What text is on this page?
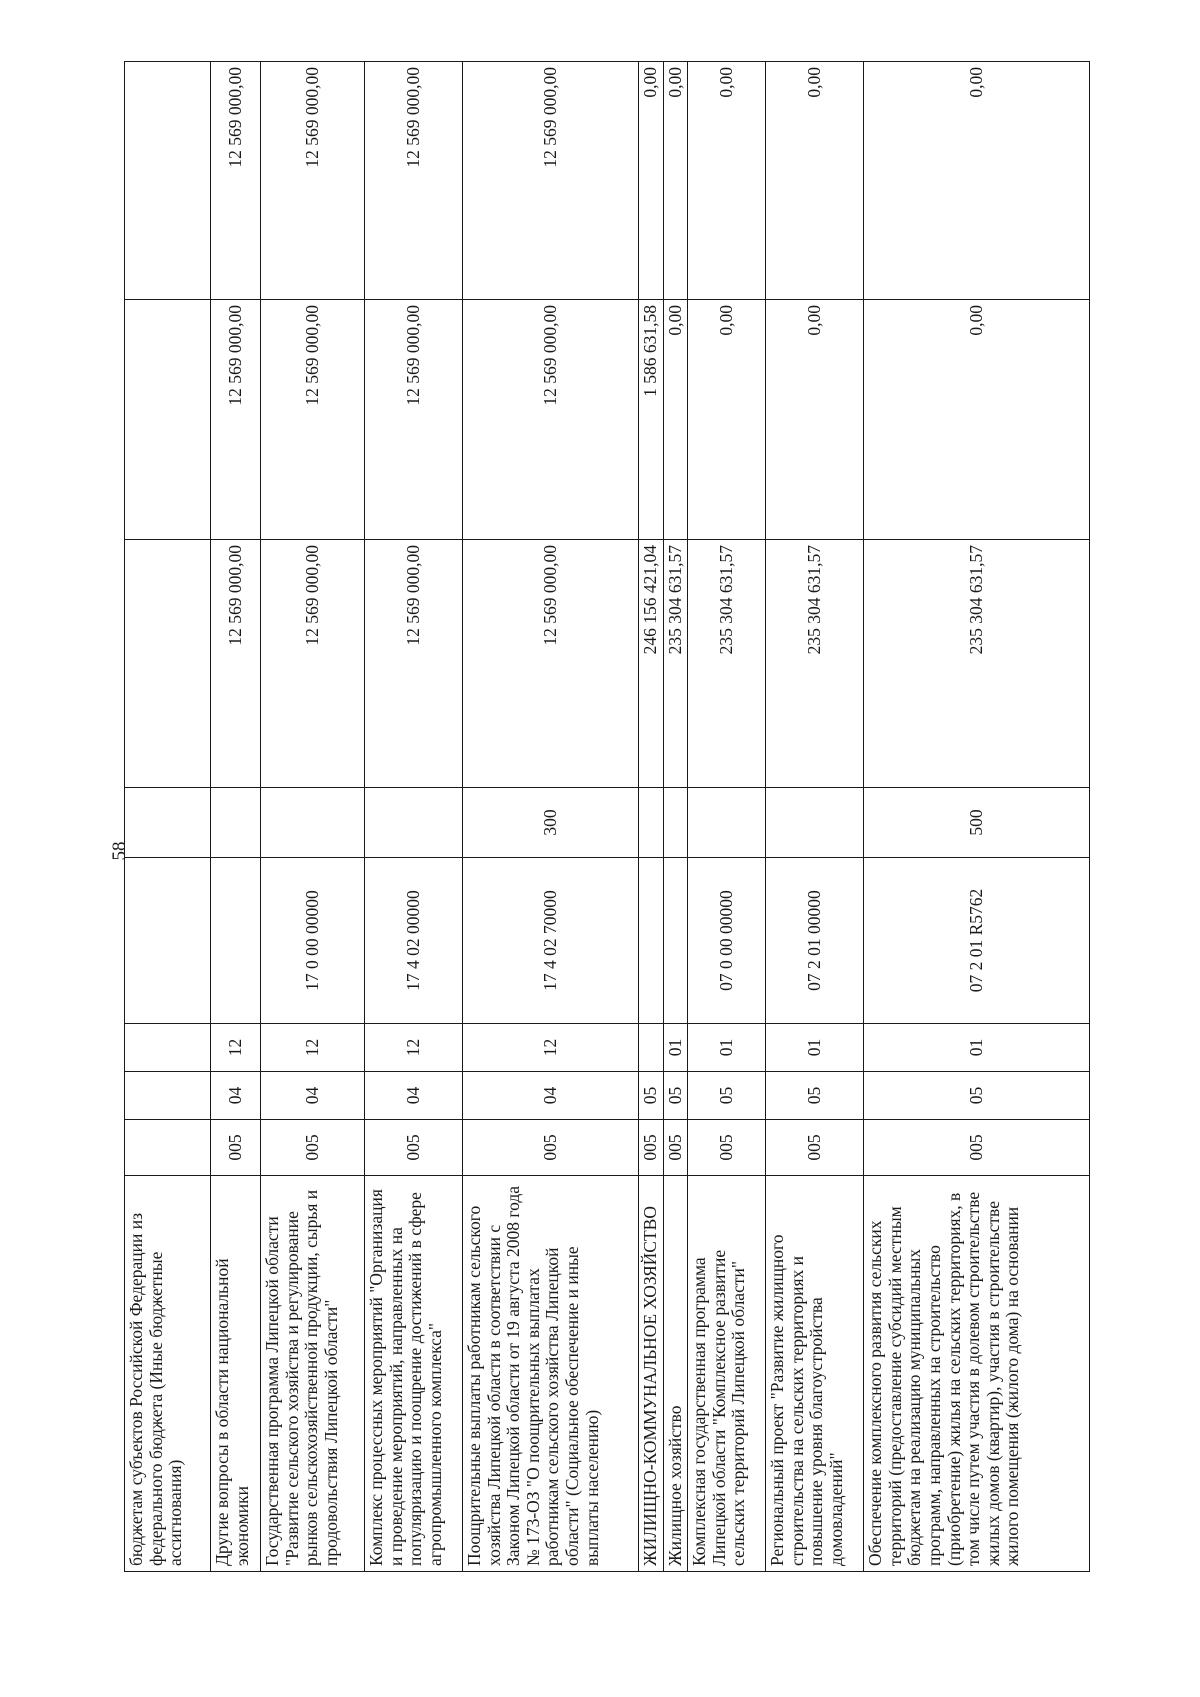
58
бюджетам субъектов Российской Федерации из федерального бюджета (Иные бюджетные ассигнования)								
Другие вопросы в области национальной экономики	005	04	12			12 569 000,00	12 569 000,00	12 569 000,00
Государственная программа Липецкой области "Развитие сельского хозяйства и регулирование рынков сельскохозяйственной продукции, сырья и продовольствия Липецкой области"	005	04	12	17 0 00 00000		12 569 000,00	12 569 000,00	12 569 000,00
Комплекс процессных мероприятий "Организация и проведение мероприятий, направленных на популяризацию и поощрение достижений в сфере агропромышленного комплекса"	005	04	12	17 4 02 00000		12 569 000,00	12 569 000,00	12 569 000,00
Поощрительные выплаты работникам сельского хозяйства Липецкой области в соответствии с Законом Липецкой области от 19 августа 2008 года № 173-ОЗ "О поощрительных выплатах работникам сельского хозяйства Липецкой области" (Социальное обеспечение и иные выплаты населению)	005	04	12	17 4 02 70000	300	12 569 000,00	12 569 000,00	12 569 000,00
ЖИЛИЩНО-КОММУНАЛЬНОЕ ХОЗЯЙСТВО	005	05				246 156 421,04	1 586 631,58	0,00
Жилищное хозяйство	005	05	01			235 304 631,57	0,00	0,00
Комплексная государственная программа Липецкой области "Комплексное развитие сельских территорий Липецкой области"	005	05	01	07 0 00 00000		235 304 631,57	0,00	0,00
Региональный проект "Развитие жилищного строительства на сельских территориях и повышение уровня благоустройства домовладений"	005	05	01	07 2 01 00000		235 304 631,57	0,00	0,00
Обеспечение комплексного развития сельских территорий (предоставление субсидий местным бюджетам на реализацию муниципальных программ, направленных на строительство (приобретение) жилья на сельских территориях, в том числе путем участия в долевом строительстве жилых домов (квартир), участия в строительстве жилого помещения (жилого дома) на основании	005	05	01	07 2 01 R5762	500	235 304 631,57	0,00	0,00
